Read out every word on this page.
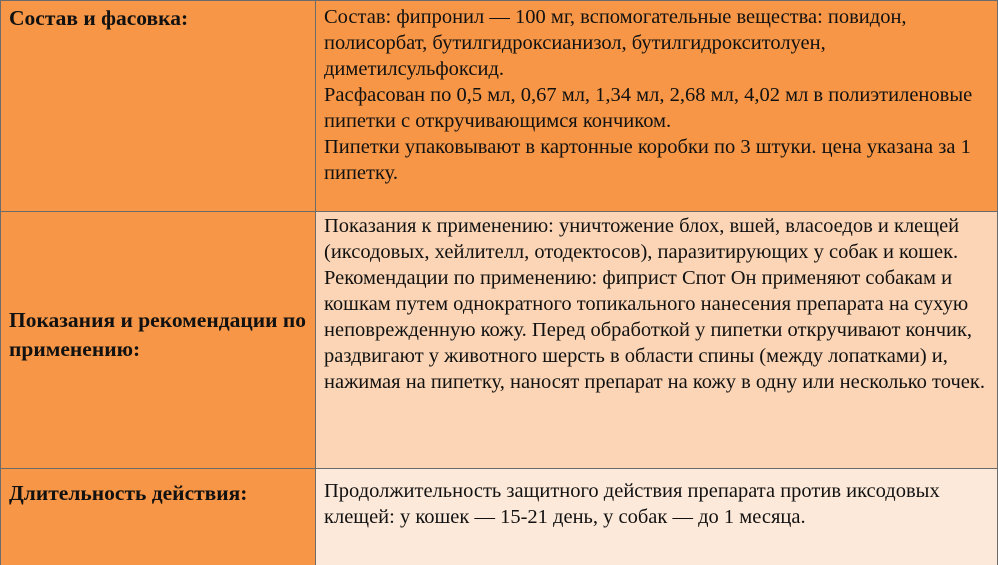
Состав и фасовка:	Состав: фипронил — 100 мг, вспомогательные вещества: повидон, полисорбат, бутилгидроксианизол, бутилгидрокситолуен, диметилсульфоксид.
Расфасован по 0,5 мл, 0,67 мл, 1,34 мл, 2,68 мл, 4,02 мл в полиэтиленовые пипетки с откручивающимся кончиком.
Пипетки упаковывают в картонные коробки по 3 штуки. цена указана за 1 пипетку.

Показания и рекомендации по применению:	Показания к применению: уничтожение блох, вшей, власоедов и клещей (иксодовых, хейлителл, отодектосов), паразитирующих у собак и кошек.
Рекомендации по применению: фиприст Спот Он применяют собакам и кошкам путем однократного топикального нанесения препарата на сухую неповрежденную кожу. Перед обработкой у пипетки откручивают кончик, раздвигают у животного шерсть в области спины (между лопатками) и, нажимая на пипетку, наносят препарат на кожу в одну или несколько точек.

Длительность действия:	Продолжительность защитного действия препарата против иксодовых клещей: у кошек — 15-21 день, у собак — до 1 месяца.
